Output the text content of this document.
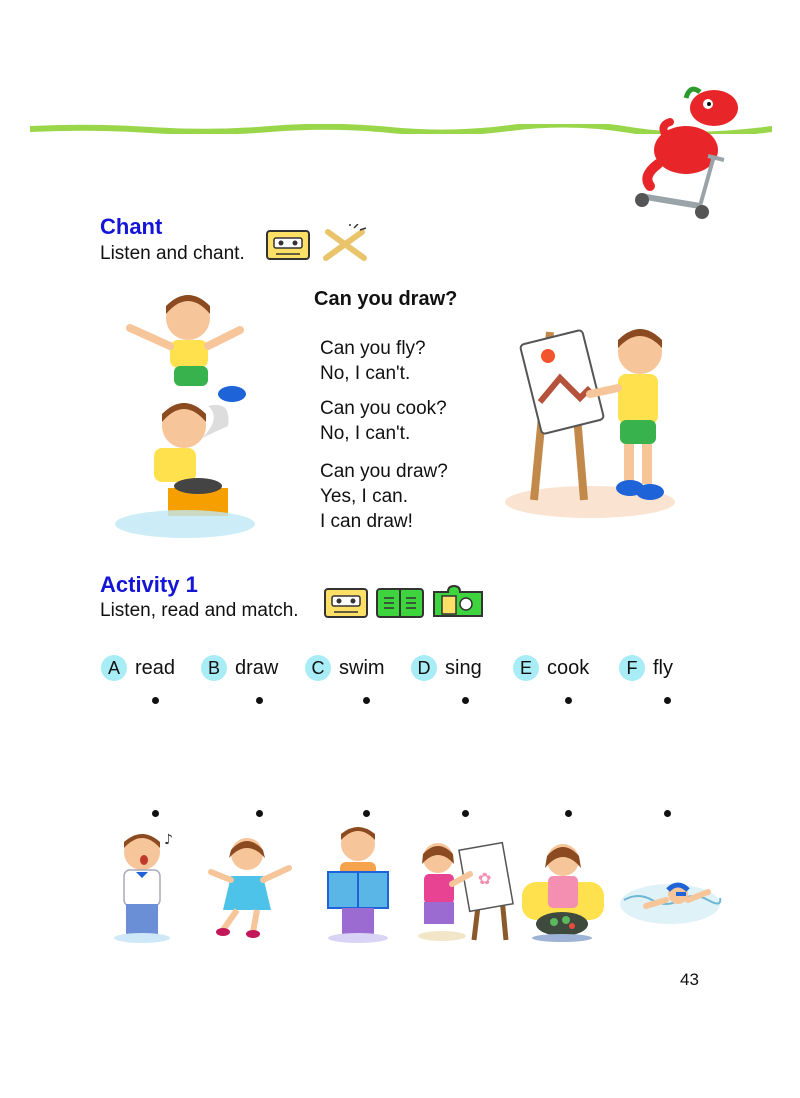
Chant
Listen and chant.
Can you draw?
Can you fly?
No, I can't.
Can you cook?
No, I can't.
Can you draw?
Yes, I can.
I can draw!
Activity 1
Listen, read and match.
A read	B draw	C swim	D sing	E cook	F fly
♪
✿
43
